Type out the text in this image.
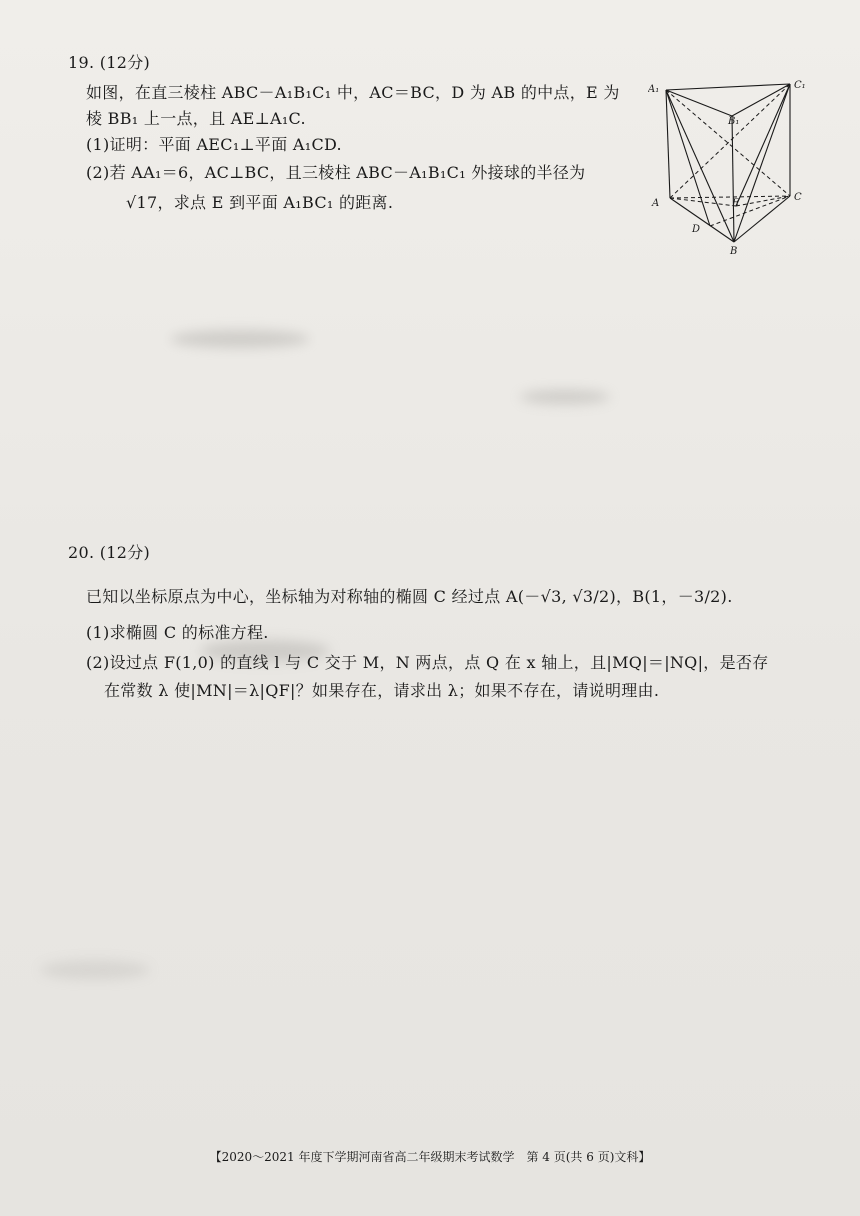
19. (12分)
如图，在直三棱柱 ABC－A₁B₁C₁ 中，AC＝BC，D 为 AB 的中点，E 为
棱 BB₁ 上一点，且 AE⊥A₁C.
(1)证明：平面 AEC₁⊥平面 A₁CD.
(2)若 AA₁＝6，AC⊥BC，且三棱柱 ABC－A₁B₁C₁ 外接球的半径为
√17，求点 E 到平面 A₁BC₁ 的距离.
A₁	C₁
B₁
A
C
B
D
E
20. (12分)
已知以坐标原点为中心，坐标轴为对称轴的椭圆 C 经过点 A(－√3, √3/2)，B(1，－3/2).
(1)求椭圆 C 的标准方程.
(2)设过点 F(1,0) 的直线 l 与 C 交于 M，N 两点，点 Q 在 x 轴上，且|MQ|＝|NQ|，是否存
在常数 λ 使|MN|＝λ|QF|？如果存在，请求出 λ；如果不存在，请说明理由.
【2020～2021 年度下学期河南省高二年级期末考试数学　第 4 页(共 6 页)文科】
